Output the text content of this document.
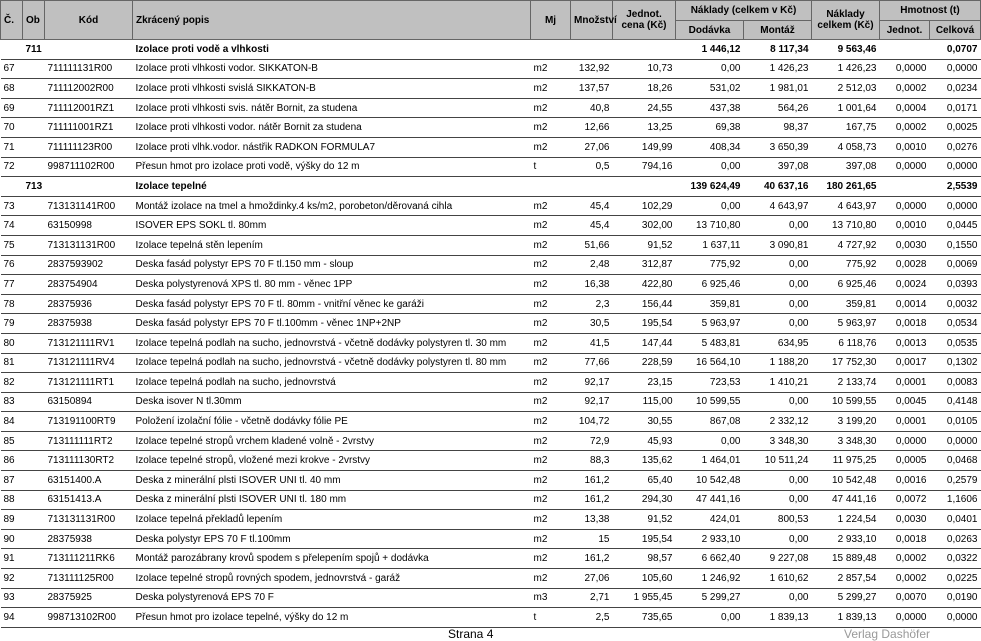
Č.	Ob	Kód	Zkrácený popis	Mj	Množství	Jednot.
cena (Kč)	Náklady (celkem v Kč)		Náklady
celkem (Kč)	Hmotnost (t)	
							Dodávka	Montáž		Jednot.	Celková
	711		Izolace proti vodě a vlhkosti				1 446,12	8 117,34	9 563,46		0,0707
67		711111131R00	Izolace proti vlhkosti vodor. SIKKATON-B	m2	132,92	10,73	0,00	1 426,23	1 426,23	0,0000	0,0000
68		711112002R00	Izolace proti vlhkosti svislá SIKKATON-B	m2	137,57	18,26	531,02	1 981,01	2 512,03	0,0002	0,0234
69		711112001RZ1	Izolace proti vlhkosti svis. nátěr Bornit, za studena	m2	40,8	24,55	437,38	564,26	1 001,64	0,0004	0,0171
70		711111001RZ1	Izolace proti vlhkosti vodor. nátěr Bornit za studena	m2	12,66	13,25	69,38	98,37	167,75	0,0002	0,0025
71		711111123R00	Izolace proti vlhk.vodor. nástřik RADKON FORMULA7	m2	27,06	149,99	408,34	3 650,39	4 058,73	0,0010	0,0276
72		998711102R00	Přesun hmot pro izolace proti vodě, výšky do 12 m	t	0,5	794,16	0,00	397,08	397,08	0,0000	0,0000
	713		Izolace tepelné				139 624,49	40 637,16	180 261,65		2,5539
73		713131141R00	Montáž izolace na tmel a hmoždinky.4 ks/m2, porobeton/děrovaná cihla	m2	45,4	102,29	0,00	4 643,97	4 643,97	0,0000	0,0000
74		63150998	ISOVER EPS SOKL tl. 80mm	m2	45,4	302,00	13 710,80	0,00	13 710,80	0,0010	0,0445
75		713131131R00	Izolace tepelná stěn lepením	m2	51,66	91,52	1 637,11	3 090,81	4 727,92	0,0030	0,1550
76		2837593902	Deska fasád polystyr EPS 70 F tl.150 mm - sloup	m2	2,48	312,87	775,92	0,00	775,92	0,0028	0,0069
77		283754904	Deska polystyrenová XPS tl. 80 mm - věnec 1PP	m2	16,38	422,80	6 925,46	0,00	6 925,46	0,0024	0,0393
78		28375936	Deska fasád polystyr EPS 70 F tl. 80mm - vnitřní věnec ke garáži	m2	2,3	156,44	359,81	0,00	359,81	0,0014	0,0032
79		28375938	Deska fasád polystyr EPS 70 F tl.100mm - věnec 1NP+2NP	m2	30,5	195,54	5 963,97	0,00	5 963,97	0,0018	0,0534
80		713121111RV1	Izolace tepelná podlah na sucho, jednovrstvá - včetně dodávky polystyren tl. 30 mm	m2	41,5	147,44	5 483,81	634,95	6 118,76	0,0013	0,0535
81		713121111RV4	Izolace tepelná podlah na sucho, jednovrstvá - včetně dodávky polystyren tl. 80 mm	m2	77,66	228,59	16 564,10	1 188,20	17 752,30	0,0017	0,1302
82		713121111RT1	Izolace tepelná podlah na sucho, jednovrstvá	m2	92,17	23,15	723,53	1 410,21	2 133,74	0,0001	0,0083
83		63150894	Deska isover N tl.30mm	m2	92,17	115,00	10 599,55	0,00	10 599,55	0,0045	0,4148
84		713191100RT9	Položení izolační fólie - včetně dodávky fólie PE	m2	104,72	30,55	867,08	2 332,12	3 199,20	0,0001	0,0105
85		713111111RT2	Izolace tepelné stropů vrchem kladené volně - 2vrstvy	m2	72,9	45,93	0,00	3 348,30	3 348,30	0,0000	0,0000
86		713111130RT2	Izolace tepelné stropů, vložené mezi krokve - 2vrstvy	m2	88,3	135,62	1 464,01	10 511,24	11 975,25	0,0005	0,0468
87		63151400.A	Deska z minerální plsti ISOVER UNI tl. 40 mm	m2	161,2	65,40	10 542,48	0,00	10 542,48	0,0016	0,2579
88		63151413.A	Deska z minerální plsti ISOVER UNI tl. 180 mm	m2	161,2	294,30	47 441,16	0,00	47 441,16	0,0072	1,1606
89		713131131R00	Izolace tepelná překladů lepením	m2	13,38	91,52	424,01	800,53	1 224,54	0,0030	0,0401
90		28375938	Deska polystyr EPS 70 F tl.100mm	m2	15	195,54	2 933,10	0,00	2 933,10	0,0018	0,0263
91		713111211RK6	Montáž parozábrany krovů spodem s přelepením spojů + dodávka	m2	161,2	98,57	6 662,40	9 227,08	15 889,48	0,0002	0,0322
92		713111125R00	Izolace tepelné stropů rovných spodem, jednovrstvá - garáž	m2	27,06	105,60	1 246,92	1 610,62	2 857,54	0,0002	0,0225
93		28375925	Deska polystyrenová EPS 70 F	m3	2,71	1 955,45	5 299,27	0,00	5 299,27	0,0070	0,0190
94		998713102R00	Přesun hmot pro izolace tepelné, výšky do 12 m	t	2,5	735,65	0,00	1 839,13	1 839,13	0,0000	0,0000
Strana 4	Verlag Dashöfer
